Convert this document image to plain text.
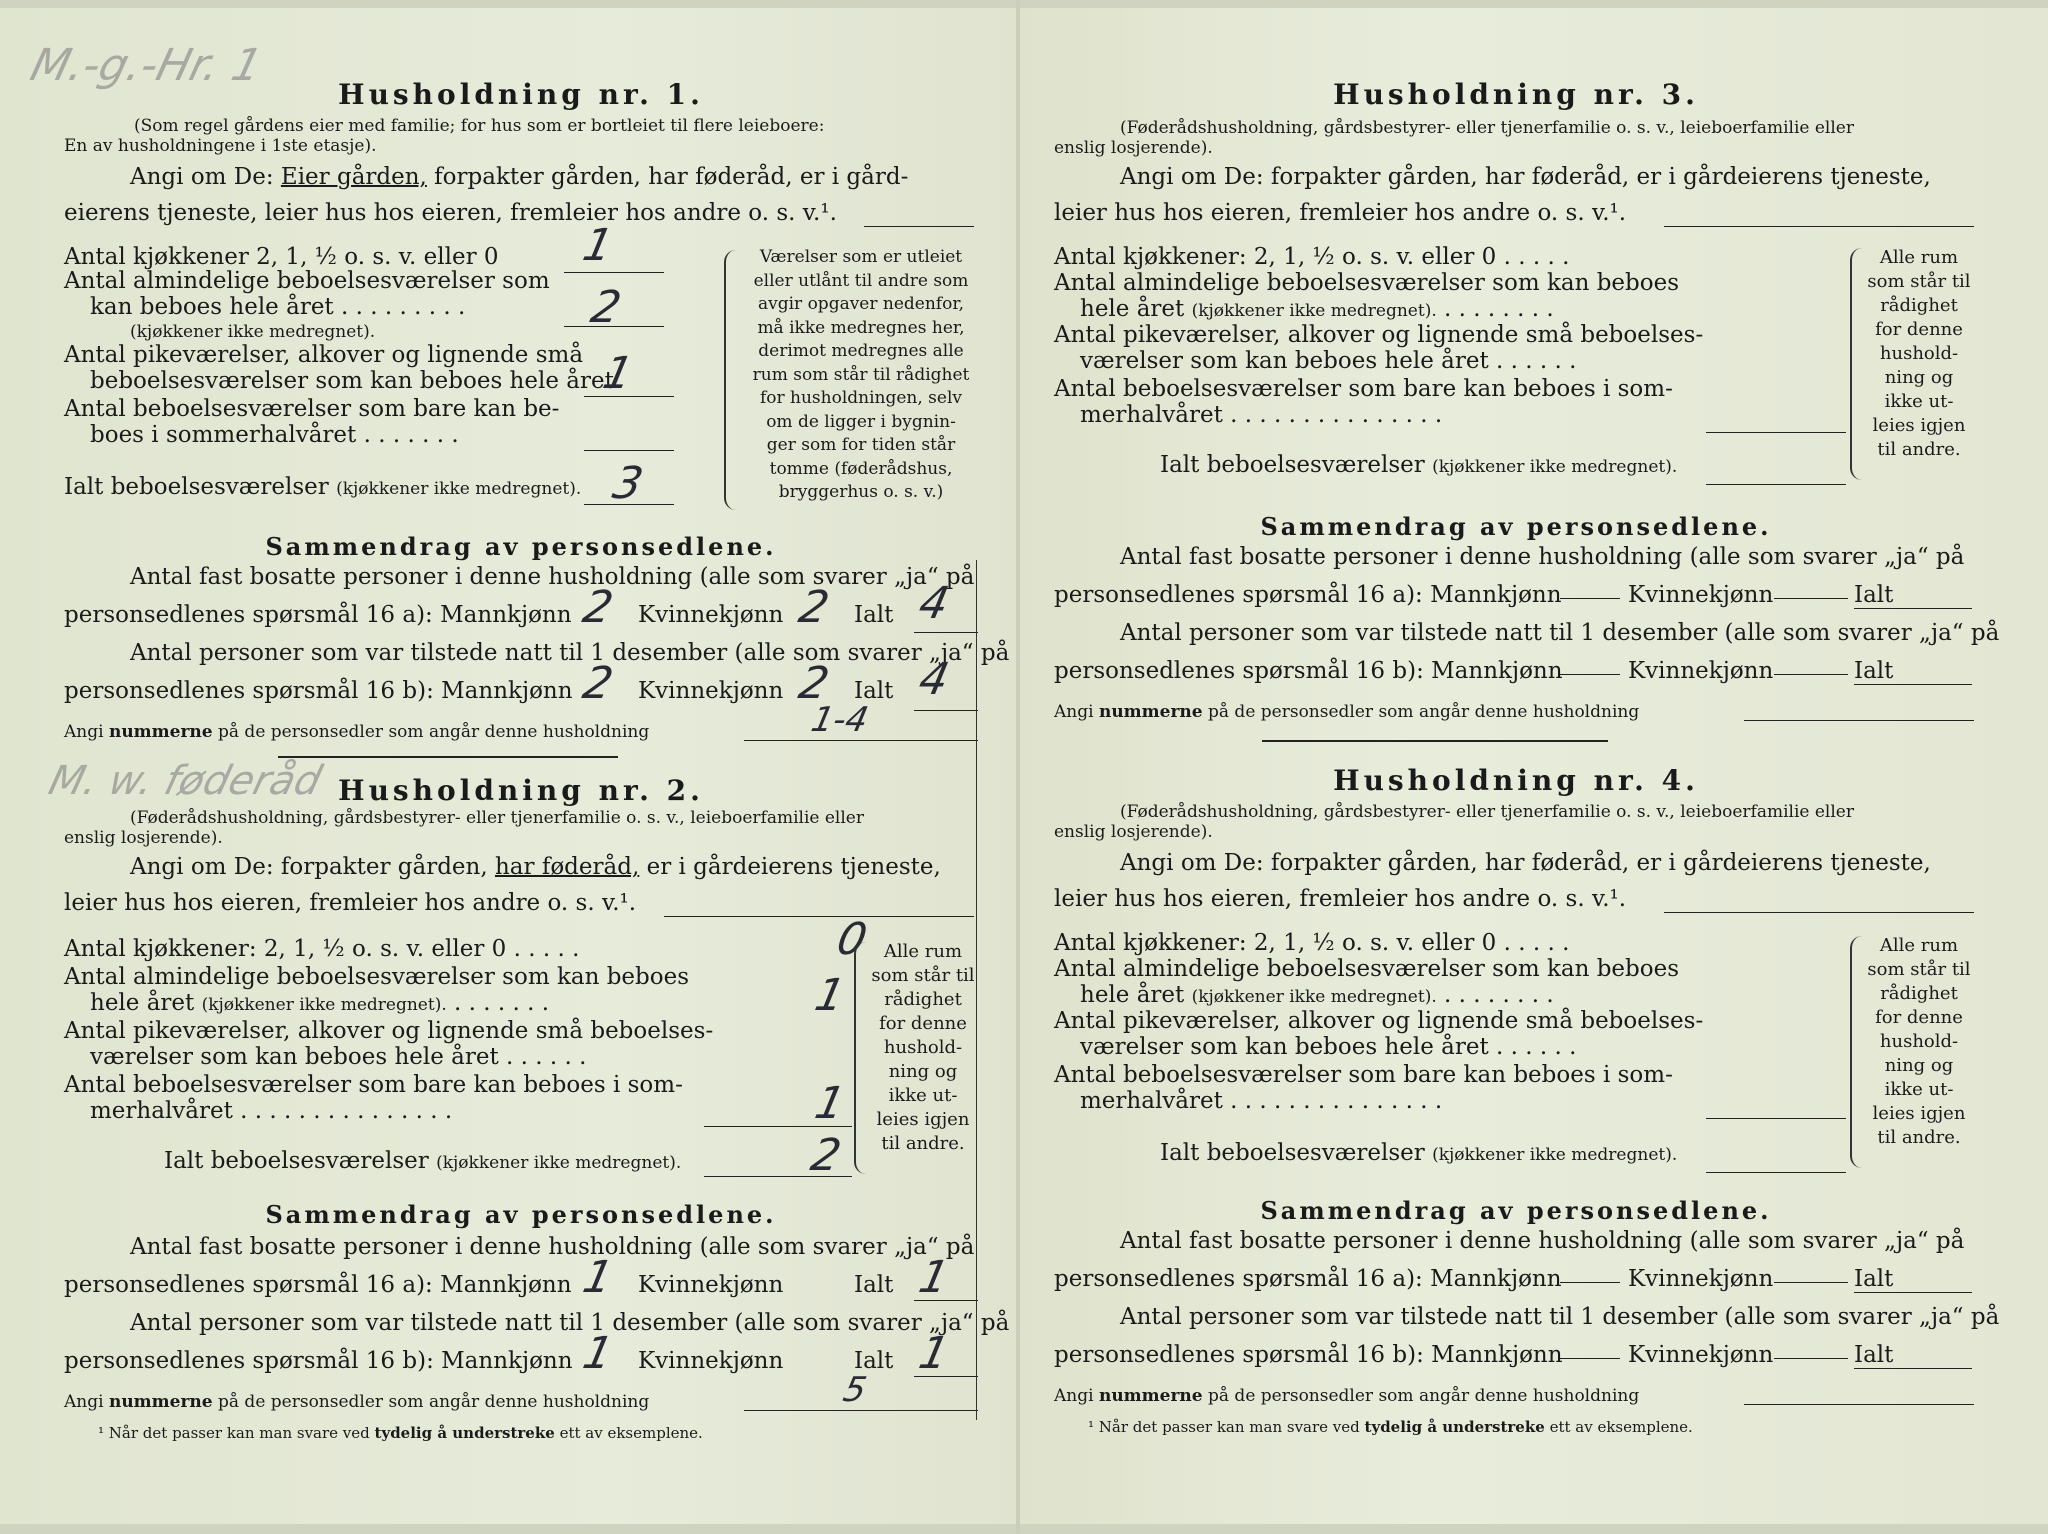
M.-g.-Hr. 1
M. w. føderåd
Husholdning nr. 1.
(Som regel gårdens eier med familie; for hus som er bortleiet til flere leieboere:
En av husholdningene i 1ste etasje).
Angi om De: Eier gården, forpakter gården, har føderåd, er i gård-
eierens tjeneste, leier hus hos eieren, fremleier hos andre o. s. v.¹.
Antal kjøkkener 2, 1, ½ o. s. v. eller 0 1
Antal almindelige beboelsesværelser som
kan beboes hele året . . . . . . . . .	2
(kjøkkener ikke medregnet).
Antal pikeværelser, alkover og lignende små
beboelsesværelser som kan beboes hele året
1
Antal beboelsesværelser som bare kan be-
boes i sommerhalvåret . . . . . . .
Ialt beboelsesværelser (kjøkkener ikke medregnet). 3
Værelser som er utleiet
eller utlånt til andre som
avgir opgaver nedenfor,
må ikke medregnes her,
derimot medregnes alle
rum som står til rådighet
for husholdningen, selv
om de ligger i bygnin-
ger som for tiden står
tomme (føderådshus,
bryggerhus o. s. v.)
Sammendrag av personsedlene.
Antal fast bosatte personer i denne husholdning (alle som svarer „ja“ på
personsedlenes spørsmål 16 a): Mannkjønn 2 Kvinnekjønn 2 Ialt 4
Antal personer som var tilstede natt til 1 desember (alle som svarer „ja“ på
personsedlenes spørsmål 16 b): Mannkjønn 2 Kvinnekjønn 2 Ialt 4
Angi nummerne på de personsedler som angår denne husholdning	1-4
Husholdning nr. 2.
(Føderådshusholdning, gårdsbestyrer- eller tjenerfamilie o. s. v., leieboerfamilie eller
enslig losjerende).
Angi om De: forpakter gården, har føderåd, er i gårdeierens tjeneste,
leier hus hos eieren, fremleier hos andre o. s. v.¹.
Antal kjøkkener: 2, 1, ½ o. s. v. eller 0 . . . . .	0
Antal almindelige beboelsesværelser som kan beboes
hele året (kjøkkener ikke medregnet). . . . . . . .	1
Antal pikeværelser, alkover og lignende små beboelses-
værelser som kan beboes hele året . . . . . .
Antal beboelsesværelser som bare kan beboes i som-
merhalvåret . . . . . . . . . . . . . . .	1
Ialt beboelsesværelser (kjøkkener ikke medregnet).	2
Alle rum
som står til
rådighet
for denne
hushold-
ning og
ikke ut-
leies igjen
til andre.
Sammendrag av personsedlene.
Antal fast bosatte personer i denne husholdning (alle som svarer „ja“ på
personsedlenes spørsmål 16 a): Mannkjønn 1 Kvinnekjønn	Ialt 1
Antal personer som var tilstede natt til 1 desember (alle som svarer „ja“ på
personsedlenes spørsmål 16 b): Mannkjønn 1 Kvinnekjønn	Ialt 1
Angi nummerne på de personsedler som angår denne husholdning	5
¹ Når det passer kan man svare ved tydelig å understreke ett av eksemplene.
Husholdning nr. 3.
(Føderådshusholdning, gårdsbestyrer- eller tjenerfamilie o. s. v., leieboerfamilie eller
enslig losjerende).
Angi om De: forpakter gården, har føderåd, er i gårdeierens tjeneste,
leier hus hos eieren, fremleier hos andre o. s. v.¹.
Antal kjøkkener: 2, 1, ½ o. s. v. eller 0 . . . . .
Antal almindelige beboelsesværelser som kan beboes
hele året (kjøkkener ikke medregnet). . . . . . . . .
Antal pikeværelser, alkover og lignende små beboelses-
værelser som kan beboes hele året . . . . . .
Antal beboelsesværelser som bare kan beboes i som-
merhalvåret . . . . . . . . . . . . . . .
Ialt beboelsesværelser (kjøkkener ikke medregnet).
Alle rum
som står til
rådighet
for denne
hushold-
ning og
ikke ut-
leies igjen
til andre.
Sammendrag av personsedlene.
Antal fast bosatte personer i denne husholdning (alle som svarer „ja“ på
personsedlenes spørsmål 16 a): Mannkjønn	Kvinnekjønn	Ialt
Antal personer som var tilstede natt til 1 desember (alle som svarer „ja“ på
personsedlenes spørsmål 16 b): Mannkjønn	Kvinnekjønn	Ialt
Angi nummerne på de personsedler som angår denne husholdning
Husholdning nr. 4.
(Føderådshusholdning, gårdsbestyrer- eller tjenerfamilie o. s. v., leieboerfamilie eller
enslig losjerende).
Angi om De: forpakter gården, har føderåd, er i gårdeierens tjeneste,
leier hus hos eieren, fremleier hos andre o. s. v.¹.
Antal kjøkkener: 2, 1, ½ o. s. v. eller 0 . . . . .
Antal almindelige beboelsesværelser som kan beboes
hele året (kjøkkener ikke medregnet). . . . . . . . .
Antal pikeværelser, alkover og lignende små beboelses-
værelser som kan beboes hele året . . . . . .
Antal beboelsesværelser som bare kan beboes i som-
merhalvåret . . . . . . . . . . . . . . .
Ialt beboelsesværelser (kjøkkener ikke medregnet).
Alle rum
som står til
rådighet
for denne
hushold-
ning og
ikke ut-
leies igjen
til andre.
Sammendrag av personsedlene.
Antal fast bosatte personer i denne husholdning (alle som svarer „ja“ på
personsedlenes spørsmål 16 a): Mannkjønn	Kvinnekjønn	Ialt
Antal personer som var tilstede natt til 1 desember (alle som svarer „ja“ på
personsedlenes spørsmål 16 b): Mannkjønn	Kvinnekjønn	Ialt
Angi nummerne på de personsedler som angår denne husholdning
¹ Når det passer kan man svare ved tydelig å understreke ett av eksemplene.
